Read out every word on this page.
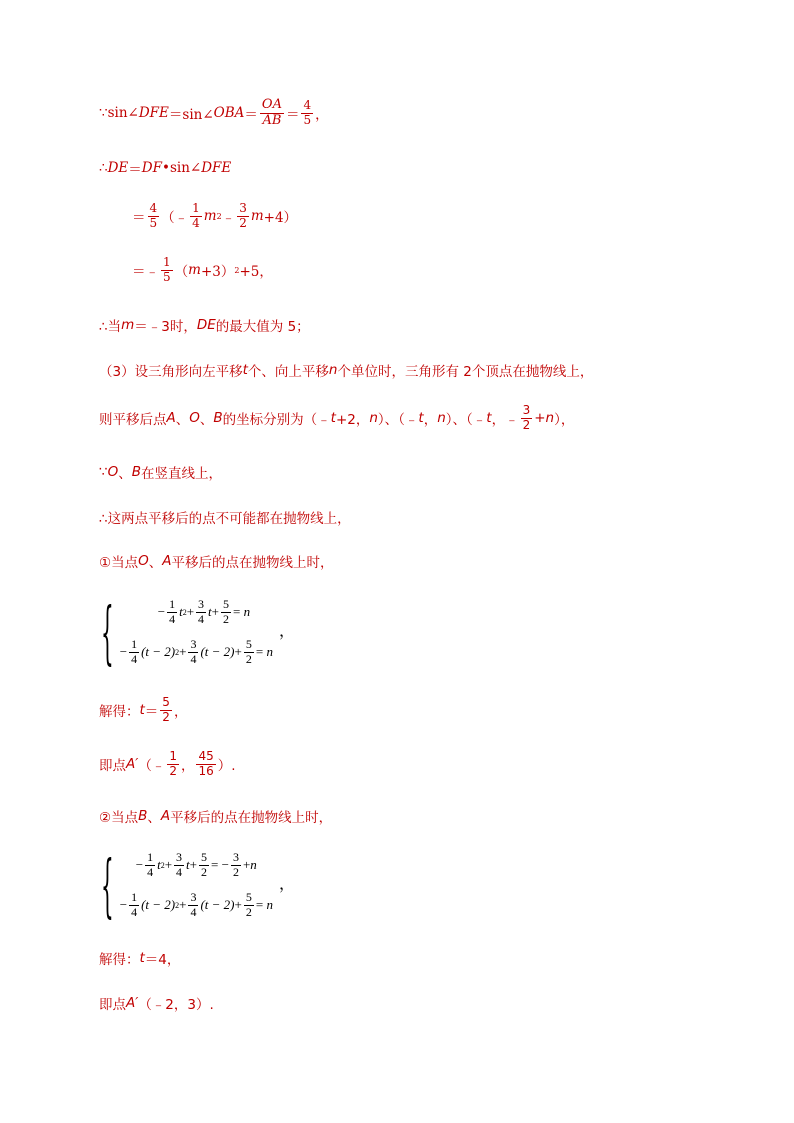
∵sin∠ DFE ＝sin∠ OBA ＝ $\frac{OA}{AB} = \frac{4}{5}$ ，
∴ DE ＝ DF •sin∠ DFE
＝ $\frac{4}{5}$ （﹣ $\frac{1}{4}$ m 2 ﹣ $\frac{3}{2}$ m +4）
＝﹣ $\frac{1}{5}$ （ m +3） 2 +5，
∴当 m ＝﹣3时， DE 的最大值为 5；
（3）设三角形向左平移 t 个、向上平移 n 个单位时，三角形有 2个顶点在抛物线上，
则平移后点 A 、 O 、 B 的坐标分别为（﹣ t +2， n ）、（﹣ t ， n ）、（﹣ t ，﹣ $\frac{3}{2} + n$ ），
∵ O 、 B 在竖直线上，
∴这两点平移后的点不可能都在抛物线上，
①当点 O 、 A 平移后的点在抛物线上时，
{	− $\frac{1}{4}$ t $2 + \frac{3}{4}$ $t + \frac{5}{2}$ =
n
− $\frac{1}{4} (t - 2) 2 + \frac{3}{4} (t - 2) + \frac{5}{2}$ =
n
，
解得： $t = \frac{5}{2}$ ，
即点 A′ （﹣ $\frac{1}{2}$ ， $\frac{45}{16}$ ）.
②当点 B 、 A 平移后的点在抛物线上时，
{ − $\frac{1}{4}$ t $2 + \frac{3}{4}$ $t + \frac{5}{2}$ = − $\frac{3}{2} + n$
− $\frac{1}{4} (t - 2) 2 + \frac{3}{4} (t - 2) + \frac{5}{2}$ =
n
，
解得： t ＝4，
即点 A′ （﹣2，3）.
